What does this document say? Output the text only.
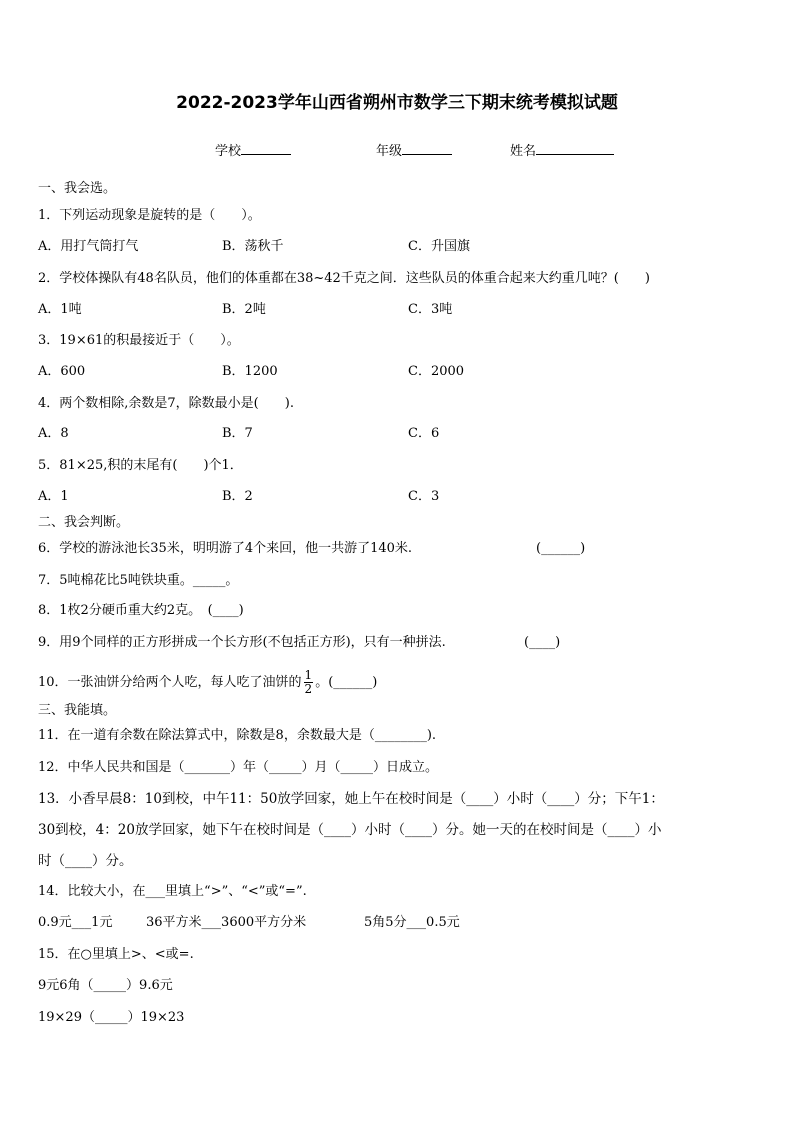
2022-2023学年山西省朔州市数学三下期末统考模拟试题
学校	年级	姓名
一、我会选。
1．下列运动现象是旋转的是（　　）。
A．用打气筒打气	B．荡秋千	C．升国旗
2．学校体操队有48名队员，他们的体重都在38~42千克之间．这些队员的体重合起来大约重几吨？(　　)
A．1吨	B．2吨	C．3吨
3．19×61的积最接近于（　　）。
A．600	B．1200	C．2000
4．两个数相除,余数是7，除数最小是(　　).
A．8	B．7	C．6
5．81×25,积的末尾有(　　)个1．
A．1	B．2	C．3
二、我会判断。
6．学校的游泳池长35米，明明游了4个来回，他一共游了140米.	(______)
7．5吨棉花比5吨铁块重。_____。
8．1枚2分硬币重大约2克。　(____)
9．用9个同样的正方形拼成一个长方形(不包括正方形)，只有一种拼法.	(____)
10．一张油饼分给两个人吃，每人吃了油饼的 $\frac{1}{2}$ 。(______)
三、我能填。
11．在一道有余数在除法算式中，除数是8，余数最大是（________).
12．中华人民共和国是（_______）年（_____）月（_____）日成立。
13．小香早晨8：10到校，中午11：50放学回家，她上午在校时间是（____）小时（____）分；下午1：
30到校，4：20放学回家，她下午在校时间是（____）小时（____）分。她一天的在校时间是（____）小
时（____）分。
14．比较大小，在___里填上“>”、“<”或“=”.
0.9元___1元	36平方米___3600平方分米	5角5分___0.5元
15．在○里填上>、<或=.
9元6角（_____）9.6元
19×29（_____）19×23
